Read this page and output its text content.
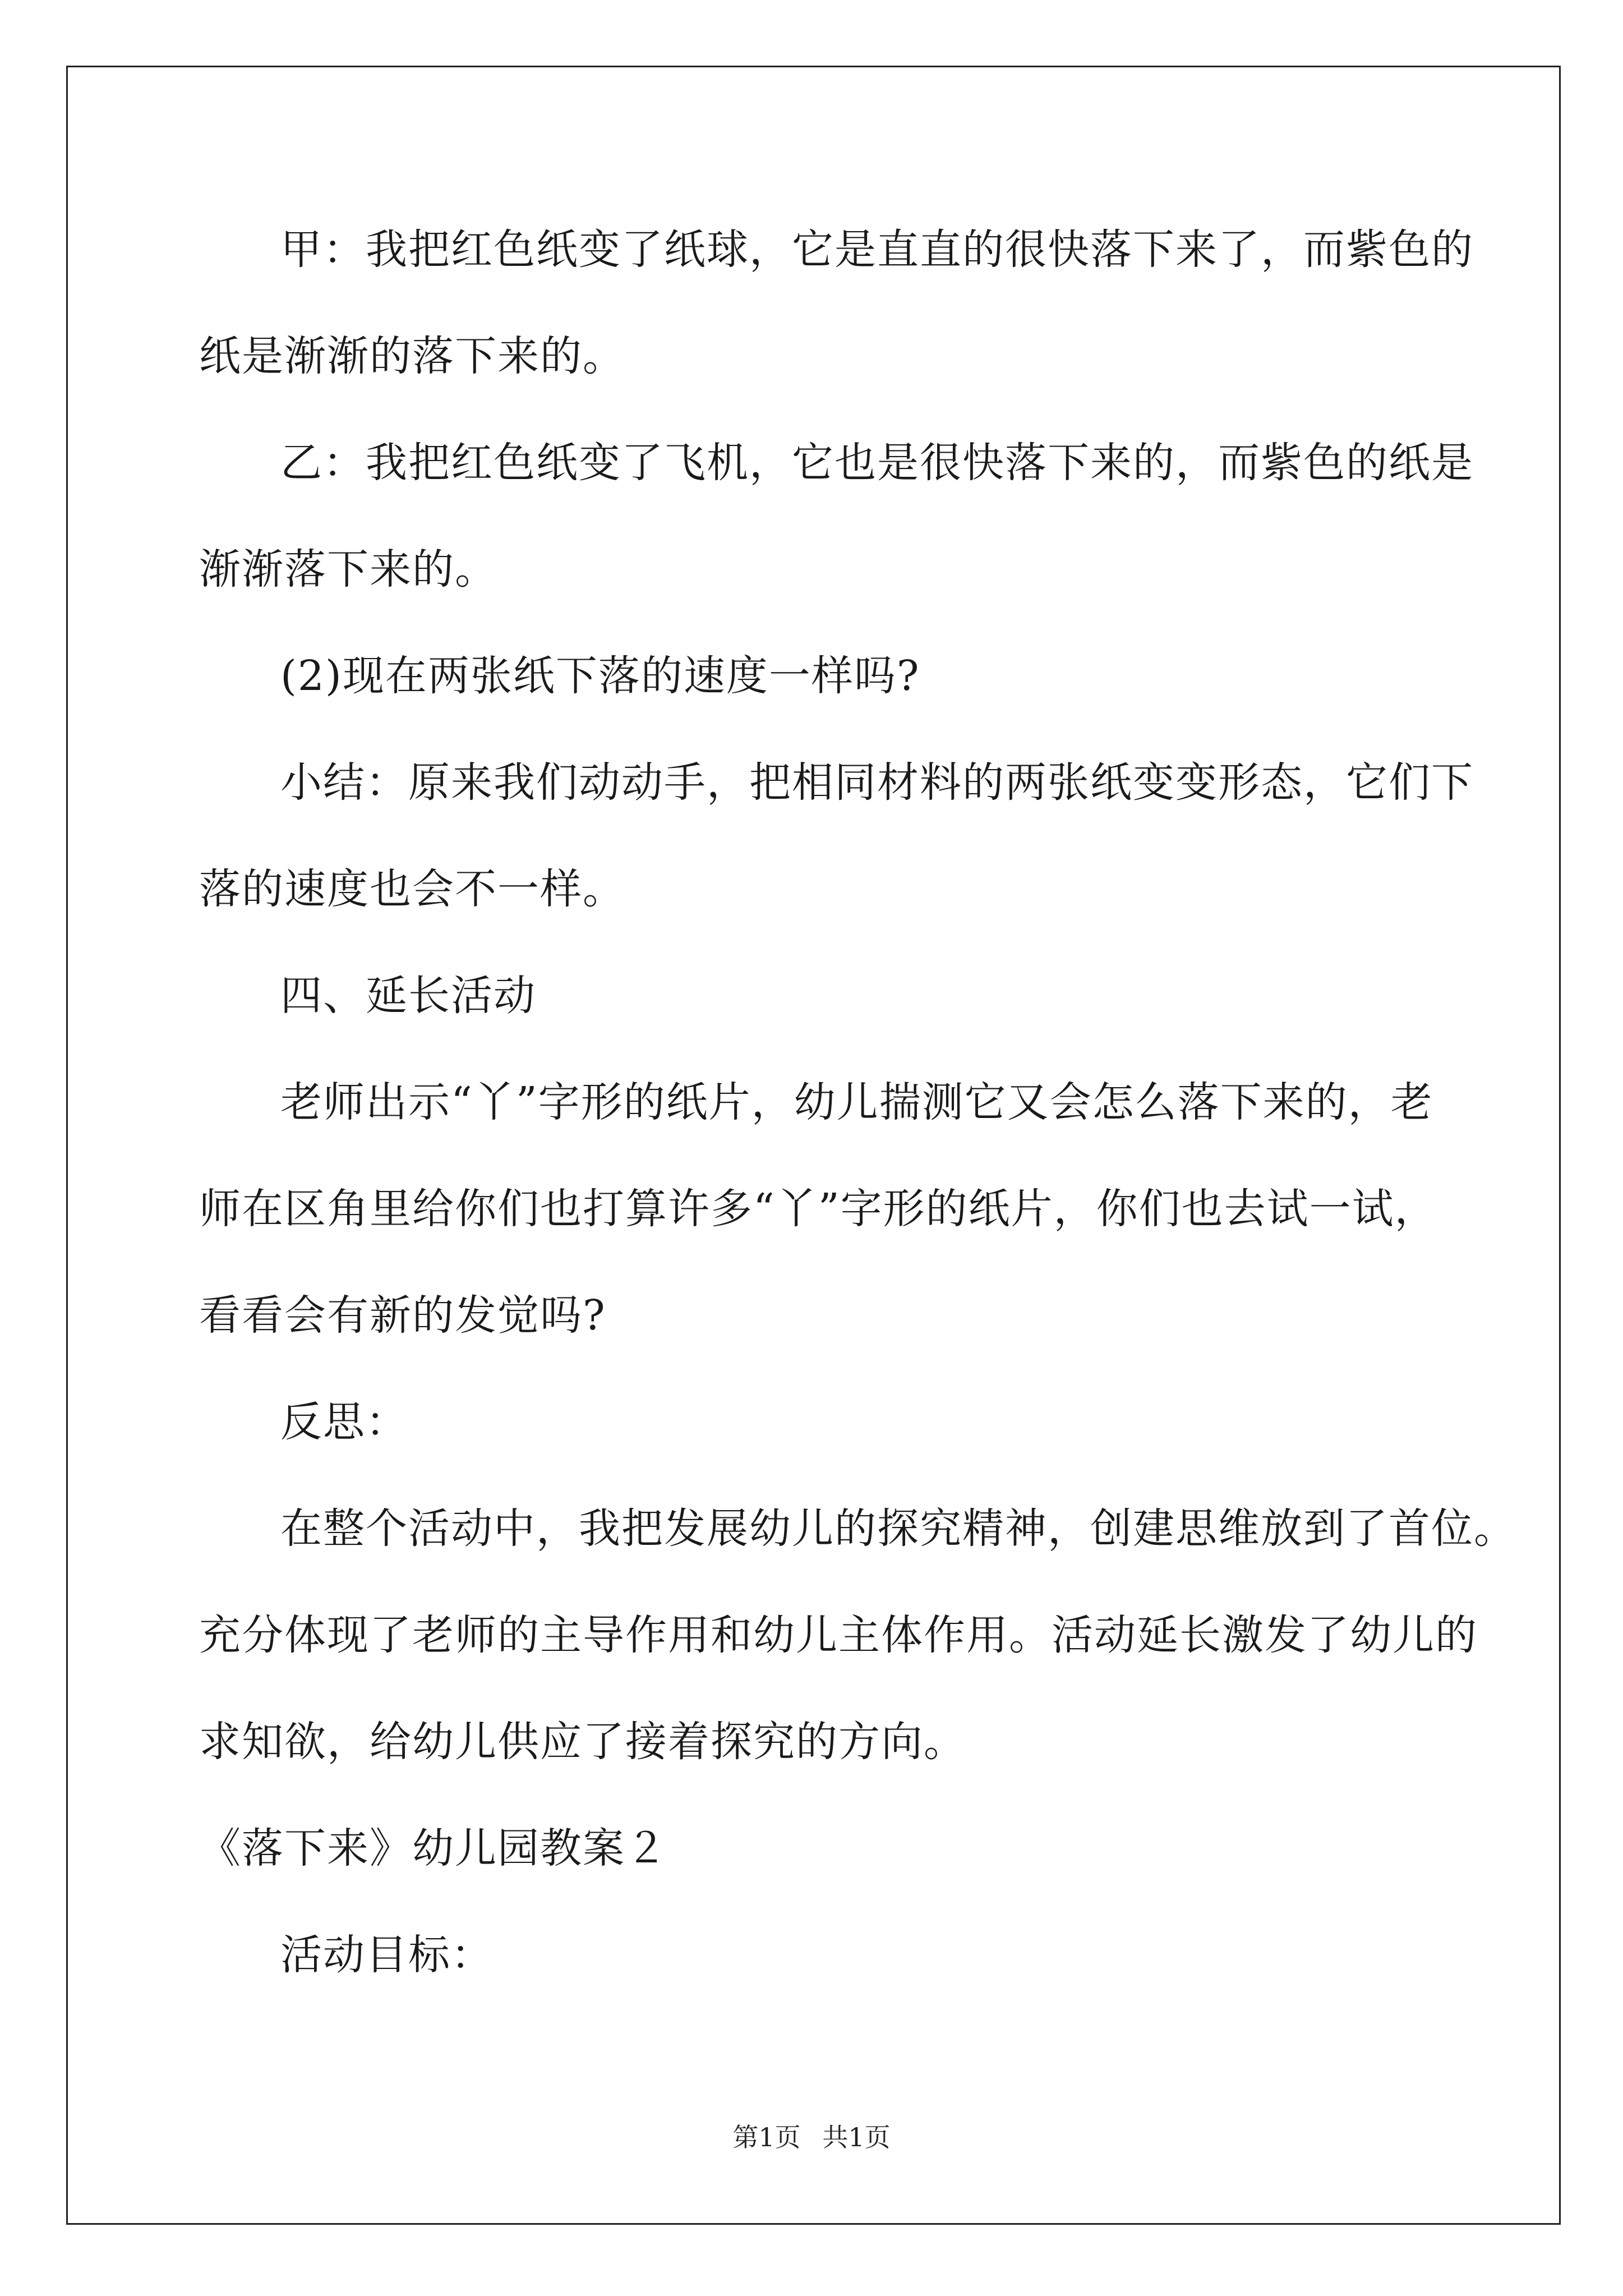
甲：我把红色纸变了纸球，它是直直的很快落下来了，而紫色的
纸是渐渐的落下来的。
乙：我把红色纸变了飞机，它也是很快落下来的，而紫色的纸是
渐渐落下来的。
(2)现在两张纸下落的速度一样吗?
小结：原来我们动动手，把相同材料的两张纸变变形态，它们下
落的速度也会不一样。
四、延长活动
老师出示“丫”字形的纸片，幼儿揣测它又会怎么落下来的，老
师在区角里给你们也打算许多“丫”字形的纸片，你们也去试一试，
看看会有新的发觉吗?
反思：
在整个活动中，我把发展幼儿的探究精神，创建思维放到了首位。
充分体现了老师的主导作用和幼儿主体作用。活动延长激发了幼儿的
求知欲，给幼儿供应了接着探究的方向。
《落下来》幼儿园教案２
活动目标：
第1页 共1页
